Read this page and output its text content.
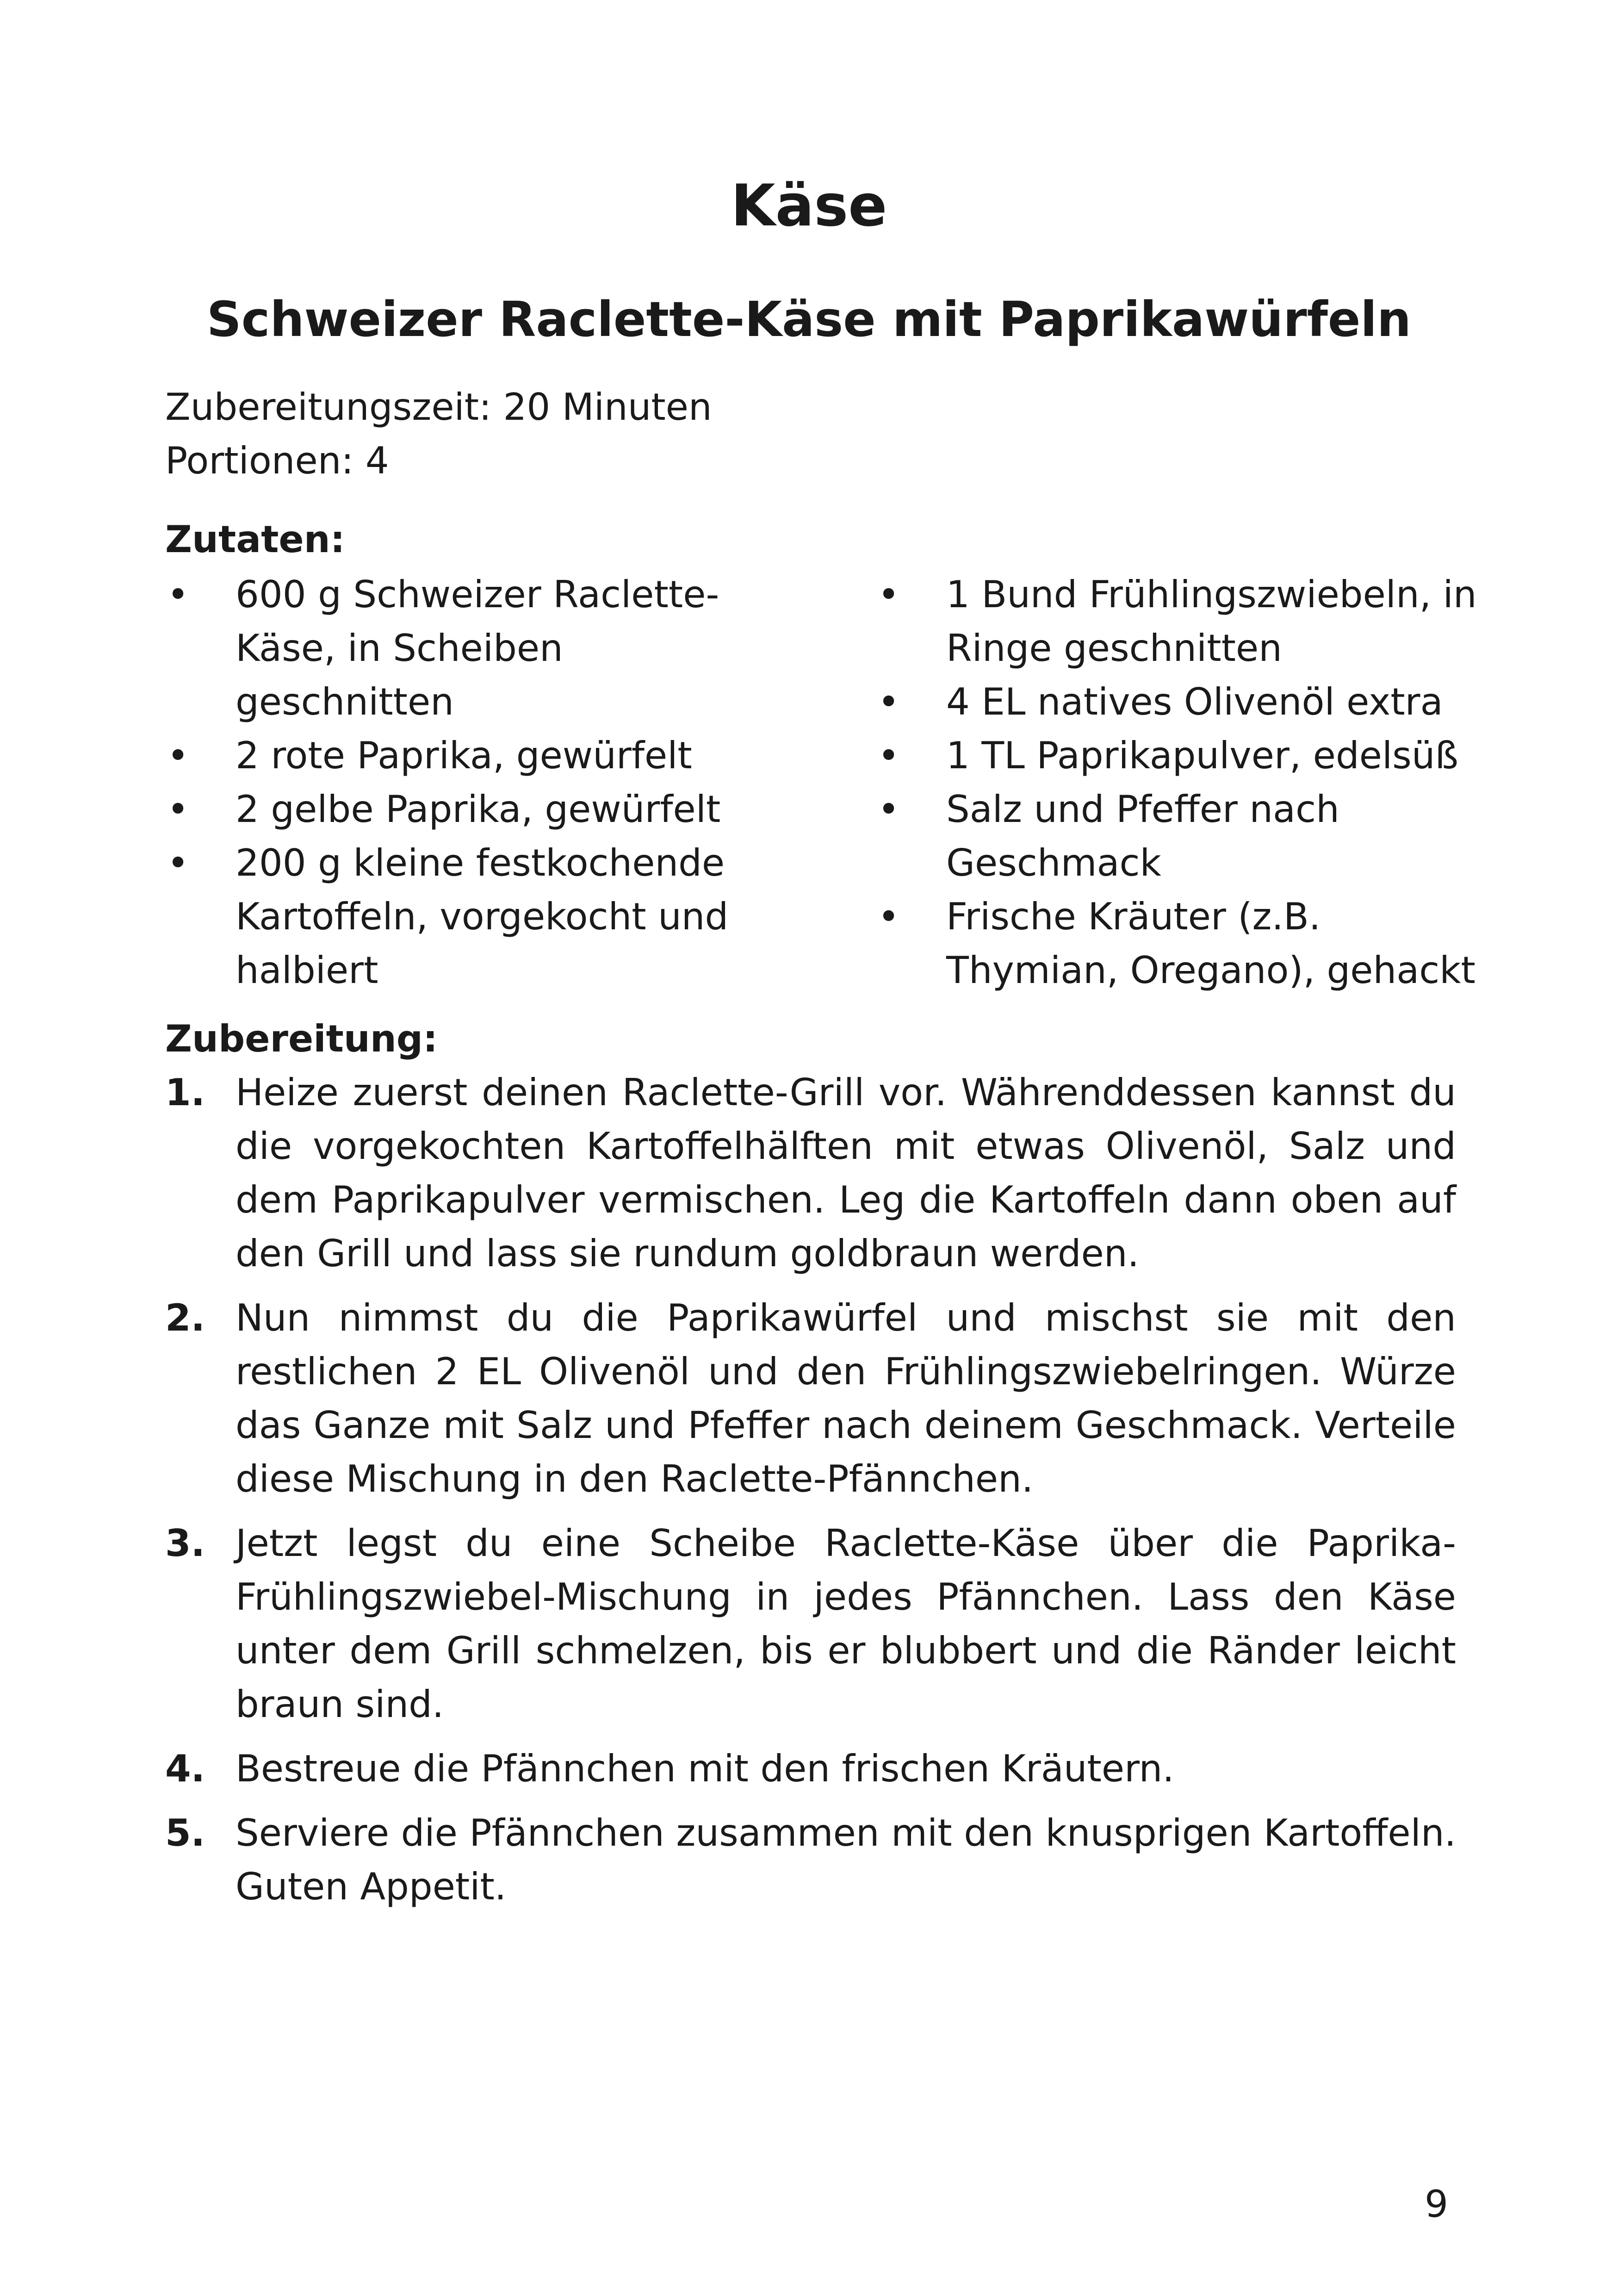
Käse
Schweizer Raclette-Käse mit Paprikawürfeln
Zubereitungszeit: 20 Minuten
Portionen: 4
Zutaten:
• 600 g Schweizer Raclette-Käse, in Scheiben geschnitten
• 2 rote Paprika, gewürfelt
• 2 gelbe Paprika, gewürfelt
• 200 g kleine festkochende Kartoffeln, vorgekocht und halbiert
• 1 Bund Frühlingszwiebeln, in Ringe geschnitten
• 4 EL natives Olivenöl extra
• 1 TL Paprikapulver, edelsüß
• Salz und Pfeffer nach Geschmack
• Frische Kräuter (z.B. Thymian, Oregano), gehackt
Zubereitung:
1. Heize zuerst deinen Raclette-Grill vor. Währenddessen kannst du die vorgekochten Kartoffelhälften mit etwas Olivenöl, Salz und dem Paprikapulver vermischen. Leg die Kartoffeln dann oben auf den Grill und lass sie rundum goldbraun werden.
2. Nun nimmst du die Paprikawürfel und mischst sie mit den restlichen 2 EL Olivenöl und den Frühlingszwiebelringen. Würze das Ganze mit Salz und Pfeffer nach deinem Geschmack. Verteile diese Mischung in den Raclette-Pfännchen.
3. Jetzt legst du eine Scheibe Raclette-Käse über die Paprika-Frühlingszwiebel-Mischung in jedes Pfännchen. Lass den Käse unter dem Grill schmelzen, bis er blubbert und die Ränder leicht braun sind.
4. Bestreue die Pfännchen mit den frischen Kräutern.
5. Serviere die Pfännchen zusammen mit den knusprigen Kartoffeln. Guten Appetit.
9
